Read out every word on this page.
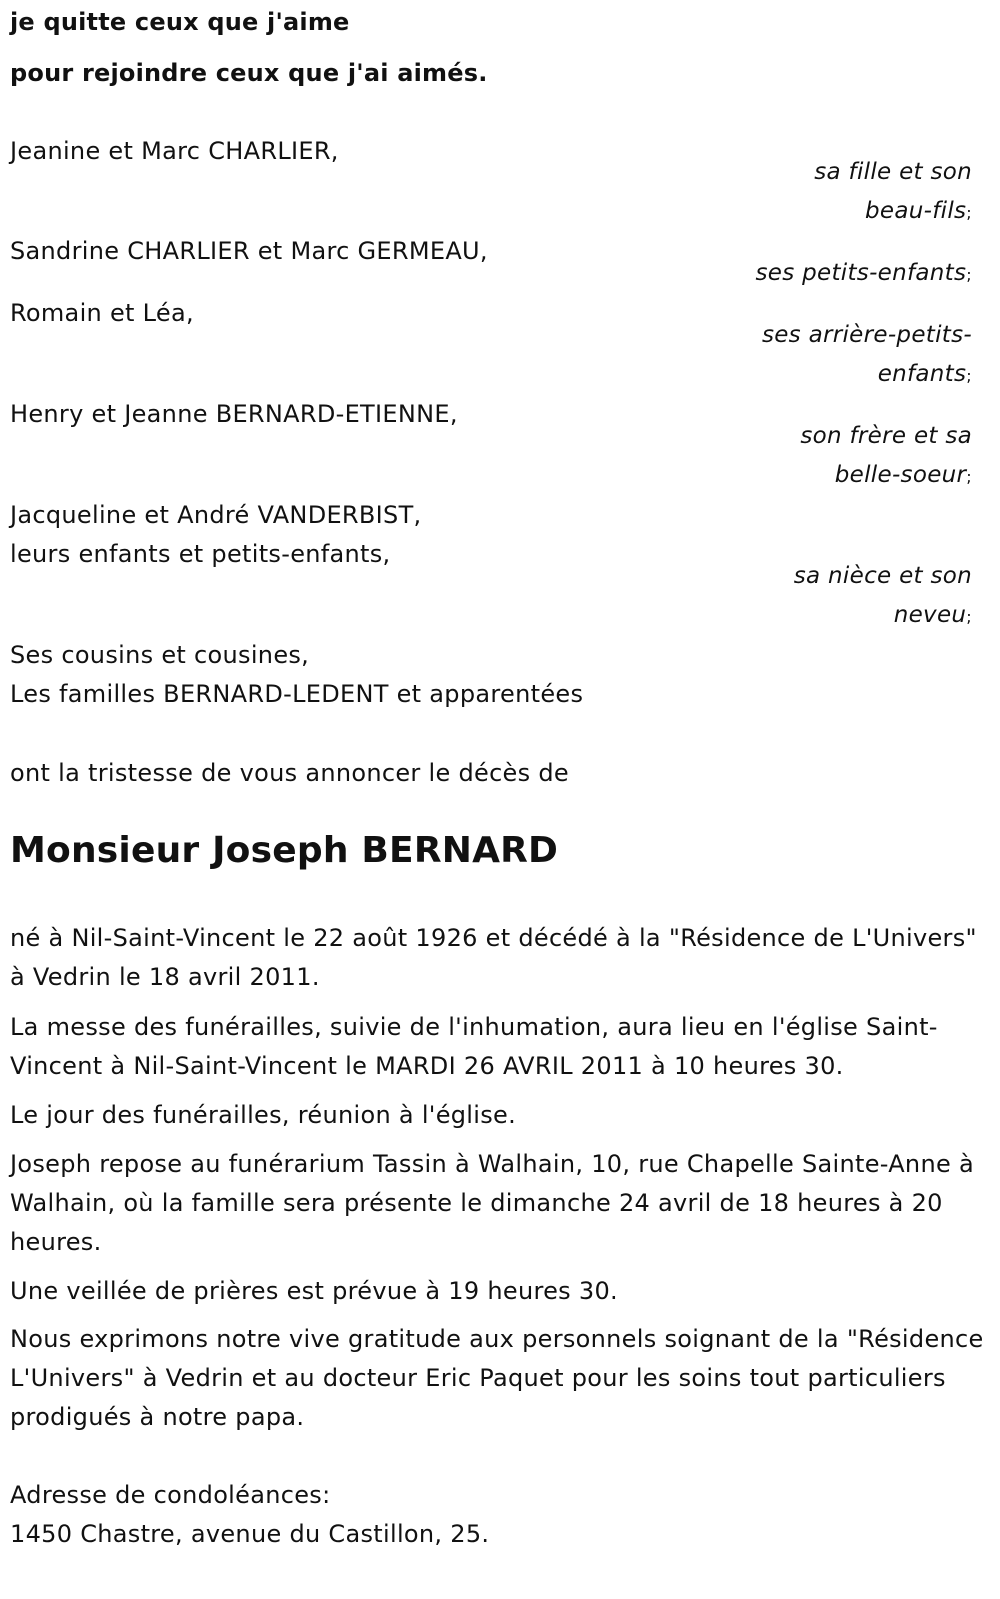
je quitte ceux que j'aime
pour rejoindre ceux que j'ai aimés.
Jeanine et Marc CHARLIER,
sa fille et son
beau-fils;
Sandrine CHARLIER et Marc GERMEAU,
ses petits-enfants;
Romain et Léa,
ses arrière-petits-
enfants;
Henry et Jeanne BERNARD-ETIENNE,
son frère et sa
belle-soeur;
Jacqueline et André VANDERBIST,
leurs enfants et petits-enfants,
sa nièce et son
neveu;
Ses cousins et cousines,
Les familles BERNARD-LEDENT et apparentées
ont la tristesse de vous annoncer le décès de
Monsieur Joseph BERNARD
né à Nil-Saint-Vincent le 22 août 1926 et décédé à la "Résidence de L'Univers" à Vedrin le 18 avril 2011.
La messe des funérailles, suivie de l'inhumation, aura lieu en l'église Saint-Vincent à Nil-Saint-Vincent le MARDI 26 AVRIL 2011 à 10 heures 30.
Le jour des funérailles, réunion à l'église.
Joseph repose au funérarium Tassin à Walhain, 10, rue Chapelle Sainte-Anne à Walhain, où la famille sera présente le dimanche 24 avril de 18 heures à 20 heures.
Une veillée de prières est prévue à 19 heures 30.
Nous exprimons notre vive gratitude aux personnels soignant de la "Résidence L'Univers" à Vedrin et au docteur Eric Paquet pour les soins tout particuliers prodigués à notre papa.
Adresse de condoléances:
1450 Chastre, avenue du Castillon, 25.
